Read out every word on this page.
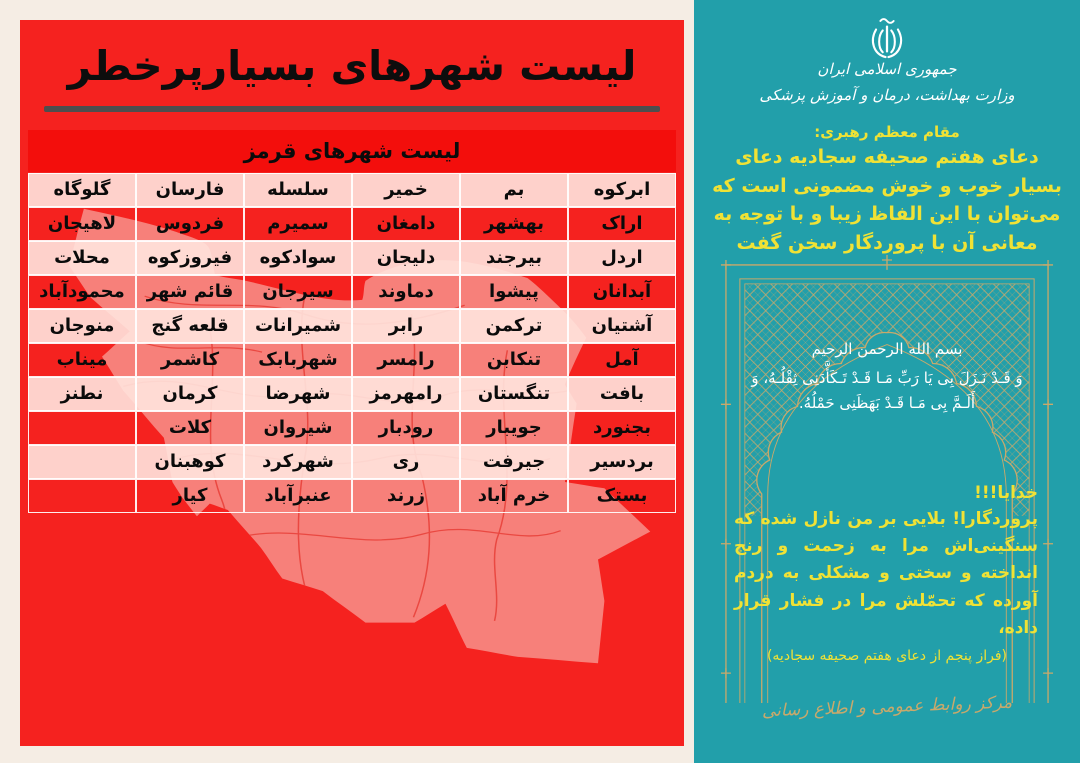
لیست شهرهای بسیارپرخطر
لیست شهرهای قرمز
ابرکوه
بم
خمیر
سلسله
فارسان
گلوگاه
اراک
بهشهر
دامغان
سمیرم
فردوس
لاهیجان
اردل
بیرجند
دلیجان
سوادکوه
فیروزکوه
محلات
آبدانان
پیشوا
دماوند
سیرجان
قائم شهر
محمودآباد
آشتیان
ترکمن
رابر
شمیرانات
قلعه گنج
منوجان
آمل
تنکابن
رامسر
شهربابک
کاشمر
میناب
بافت
تنگستان
رامهرمز
شهرضا
کرمان
نطنز
بجنورد
جویبار
رودبار
شیروان
کلات
بردسیر
جیرفت
ری
شهرکرد
کوهبنان
بستک
خرم آباد
زرند
عنبرآباد
کیار
جمهوری اسلامی ایران
وزارت بهداشت، درمان و آموزش پزشکی
مقام معظم رهبری:
دعای هفتم صحیفه سجادیه دعای بسیار خوب و خوش مضمونی است که می‌توان با این الفاظ زیبا و با توجه به معانی آن با پروردگار سخن گفت
بسم الله الرحمن الرحیم
وَ قَـدْ نَـزَلَ بِی یَا رَبِّ مَـا قَـدْ تَـکَأَّدَنِی ثِقْلُـهُ، وَ أَلَـمَّ بِی مَـا قَـدْ بَهَظَنِی حَمْلُهُ.
خدایا!!!
پروردگارا! بلایی بر من نازل شده که سنگینی‌اش مرا به زحمت و رنج انداخته و سختی و مشکلی به دردم آورده که تحمّلش مرا در فشار قرار داده،
(فراز پنجم از دعای هفتم صحیفه سجادیه)
مرکز روابط عمومی و اطلاع رسانی
